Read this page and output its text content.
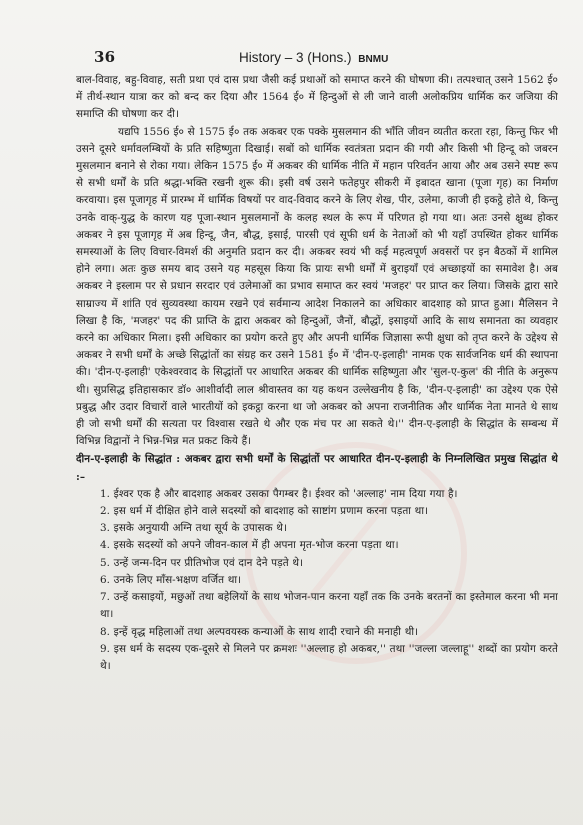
36	History – 3 (Hons.) BNMU

बाल-विवाह, बहु-विवाह, सती प्रथा एवं दास प्रथा जैसी कई प्रथाओं को समाप्त करने की घोषणा की। तत्पश्चात् उसने 1562 ई० में तीर्थ-स्थान यात्रा कर को बन्द कर दिया और 1564 ई० में हिन्दुओं से ली जाने वाली अलोकप्रिय धार्मिक कर जजिया की समाप्ति की घोषणा कर दी।

यद्यपि 1556 ई० से 1575 ई० तक अकबर एक पक्के मुसलमान की भाँति जीवन व्यतीत करता रहा, किन्तु फिर भी उसने दूसरे धर्मावलम्बियों के प्रति सहिष्णुता दिखाई। सबों को धार्मिक स्वतंत्रता प्रदान की गयी और किसी भी हिन्दू को जबरन मुसलमान बनाने से रोका गया। लेकिन 1575 ई० में अकबर की धार्मिक नीति में महान परिवर्तन आया और अब उसने स्पष्ट रूप से सभी धर्मों के प्रति श्रद्धा-भक्ति रखनी शुरू की। इसी वर्ष उसने फतेहपुर सीकरी में इबादत खाना (पूजा गृह) का निर्माण करवाया। इस पूजागृह में प्रारम्भ में धार्मिक विषयों पर वाद-विवाद करने के लिए शेख, पीर, उलेमा, काजी ही इकट्ठे होते थे, किन्तु उनके वाक्-युद्ध के कारण यह पूजा-स्थान मुसलमानों के कलह स्थल के रूप में परिणत हो गया था। अतः उनसे क्षुब्ध होकर अकबर ने इस पूजागृह में अब हिन्दू, जैन, बौद्ध, इसाई, पारसी एवं सूफी धर्म के नेताओं को भी यहाँ उपस्थित होकर धार्मिक समस्याओं के लिए विचार-विमर्श की अनुमति प्रदान कर दी। अकबर स्वयं भी कई महत्वपूर्ण अवसरों पर इन बैठकों में शामिल होने लगा। अतः कुछ समय बाद उसने यह महसूस किया कि प्रायः सभी धर्मों में बुराइयाँ एवं अच्छाइयों का समावेश है। अब अकबर ने इस्लाम पर से प्रधान सरदार एवं उलेमाओं का प्रभाव समाप्त कर स्वयं 'मजहर' पर प्राप्त कर लिया। जिसके द्वारा सारे साम्राज्य में शांति एवं सुव्यवस्था कायम रखने एवं सर्वमान्य आदेश निकालने का अधिकार बादशाह को प्राप्त हुआ। मैलिसन ने लिखा है कि, 'मजहर' पद की प्राप्ति के द्वारा अकबर को हिन्दुओं, जैनों, बौद्धों, इसाइयों आदि के साथ समानता का व्यवहार करने का अधिकार मिला। इसी अधिकार का प्रयोग करते हुए और अपनी धार्मिक जिज्ञासा रूपी क्षुधा को तृप्त करने के उद्देश्य से अकबर ने सभी धर्मों के अच्छे सिद्धांतों का संग्रह कर उसने 1581 ई० में 'दीन-ए-इलाही' नामक एक सार्वजनिक धर्म की स्थापना की। 'दीन-ए-इलाही' एकेश्वरवाद के सिद्धांतों पर आधारित अकबर की धार्मिक सहिष्णुता और 'सुल-ए-कुल' की नीति के अनुरूप थी। सुप्रसिद्ध इतिहासकार डॉ० आशीर्वादी लाल श्रीवास्तव का यह कथन उल्लेखनीय है कि, 'दीन-ए-इलाही' का उद्देश्य एक ऐसे प्रबुद्ध और उदार विचारों वाले भारतीयों को इकट्ठा करना था जो अकबर को अपना राजनीतिक और धार्मिक नेता मानते थे साथ ही जो सभी धर्मों की सत्यता पर विश्वास रखते थे और एक मंच पर आ सकते थे।'' दीन-ए-इलाही के सिद्धांत के सम्बन्ध में विभिन्न विद्वानों ने भिन्न-भिन्न मत प्रकट किये हैं।

दीन-ए-इलाही के सिद्धांत : अकबर द्वारा सभी धर्मों के सिद्धांतों पर आधारित दीन-ए-इलाही के निम्नलिखित प्रमुख सिद्धांत थे :–

1. ईश्वर एक है और बादशाह अकबर उसका पैगम्बर है। ईश्वर को 'अल्लाह' नाम दिया गया है।

2. इस धर्म में दीक्षित होने वाले सदस्यों को बादशाह को साष्टांग प्रणाम करना पड़ता था।

3. इसके अनुयायी अग्नि तथा सूर्य के उपासक थे।

4. इसके सदस्यों को अपने जीवन-काल में ही अपना मृत-भोज करना पड़ता था।

5. उन्हें जन्म-दिन पर प्रीतिभोज एवं दान देने पड़ते थे।

6. उनके लिए माँस-भक्षण वर्जित था।

7. उन्हें कसाइयों, मछुओं तथा बहेलियों के साथ भोजन-पान करना यहाँ तक कि उनके बरतनों का इस्तेमाल करना भी मना था।

8. इन्हें वृद्ध महिलाओं तथा अल्पवयस्क कन्याओं के साथ शादी रचाने की मनाही थी।

9. इस धर्म के सदस्य एक-दूसरे से मिलने पर क्रमशः ''अल्लाह हो अकबर,'' तथा ''जल्ला जल्लाहू'' शब्दों का प्रयोग करते थे।
